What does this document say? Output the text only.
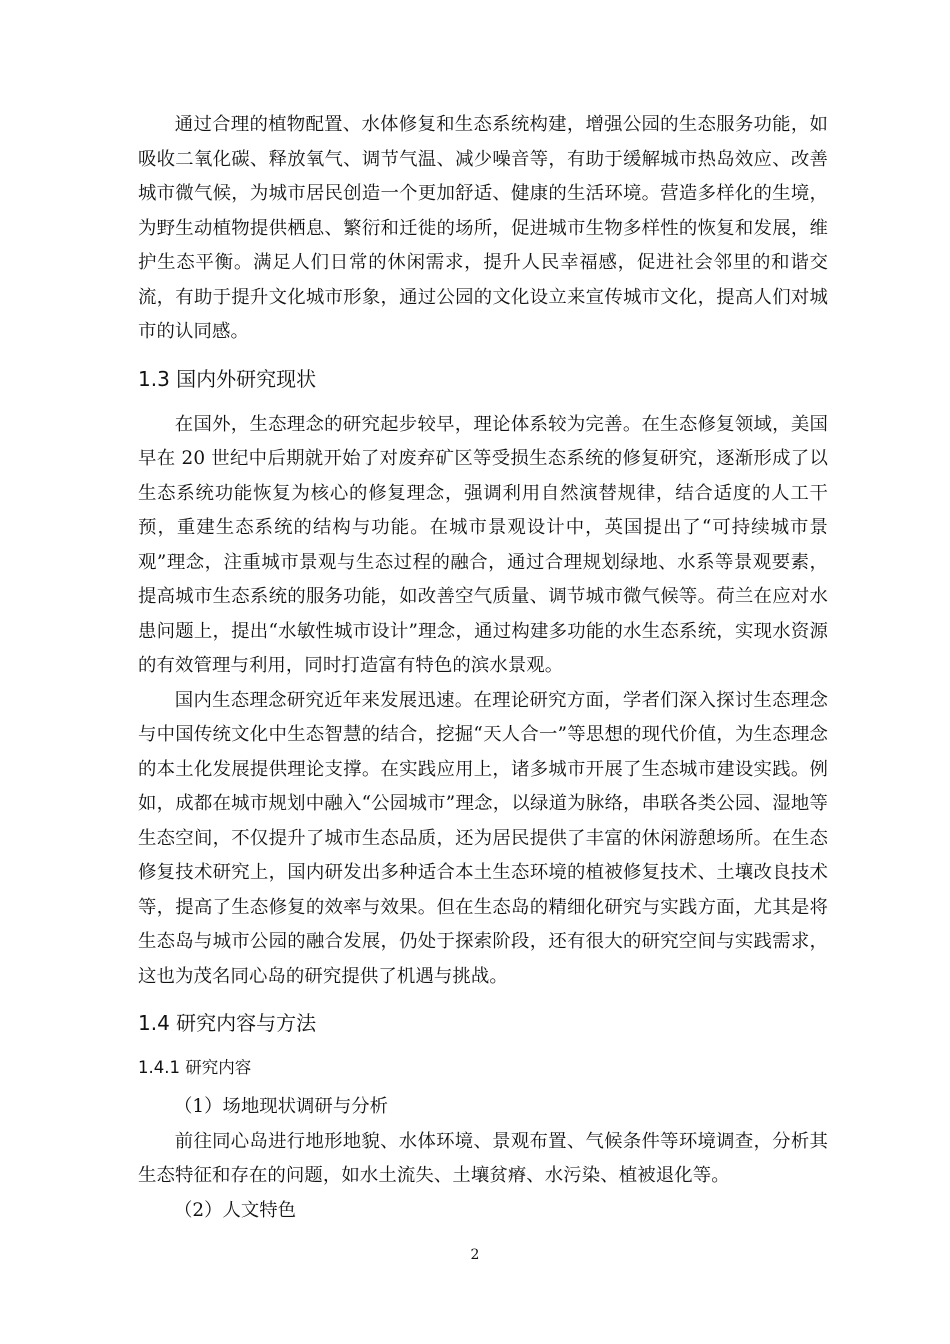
通过合理的植物配置、水体修复和生态系统构建，增强公园的生态服务功能，如吸收二氧化碳、释放氧气、调节气温、减少噪音等，有助于缓解城市热岛效应、改善城市微气候，为城市居民创造一个更加舒适、健康的生活环境。营造多样化的生境，为野生动植物提供栖息、繁衍和迁徙的场所，促进城市生物多样性的恢复和发展，维护生态平衡。满足人们日常的休闲需求，提升人民幸福感，促进社会邻里的和谐交流，有助于提升文化城市形象，通过公园的文化设立来宣传城市文化，提高人们对城市的认同感。

1.3 国内外研究现状

在国外，生态理念的研究起步较早，理论体系较为完善。在生态修复领域，美国早在 20 世纪中后期就开始了对废弃矿区等受损生态系统的修复研究，逐渐形成了以生态系统功能恢复为核心的修复理念，强调利用自然演替规律，结合适度的人工干预，重建生态系统的结构与功能。在城市景观设计中，英国提出了“可持续城市景观”理念，注重城市景观与生态过程的融合，通过合理规划绿地、水系等景观要素，提高城市生态系统的服务功能，如改善空气质量、调节城市微气候等。荷兰在应对水患问题上，提出“水敏性城市设计”理念，通过构建多功能的水生态系统，实现水资源的有效管理与利用，同时打造富有特色的滨水景观。

国内生态理念研究近年来发展迅速。在理论研究方面，学者们深入探讨生态理念与中国传统文化中生态智慧的结合，挖掘“天人合一”等思想的现代价值，为生态理念的本土化发展提供理论支撑。在实践应用上，诸多城市开展了生态城市建设实践。例如，成都在城市规划中融入“公园城市”理念，以绿道为脉络，串联各类公园、湿地等生态空间，不仅提升了城市生态品质，还为居民提供了丰富的休闲游憩场所。在生态修复技术研究上，国内研发出多种适合本土生态环境的植被修复技术、土壤改良技术等，提高了生态修复的效率与效果。但在生态岛的精细化研究与实践方面，尤其是将生态岛与城市公园的融合发展，仍处于探索阶段，还有很大的研究空间与实践需求，这也为茂名同心岛的研究提供了机遇与挑战。

1.4 研究内容与方法
1.4.1 研究内容

（1）场地现状调研与分析

前往同心岛进行地形地貌、水体环境、景观布置、气候条件等环境调查，分析其生态特征和存在的问题，如水土流失、土壤贫瘠、水污染、植被退化等。

（2）人文特色

2
